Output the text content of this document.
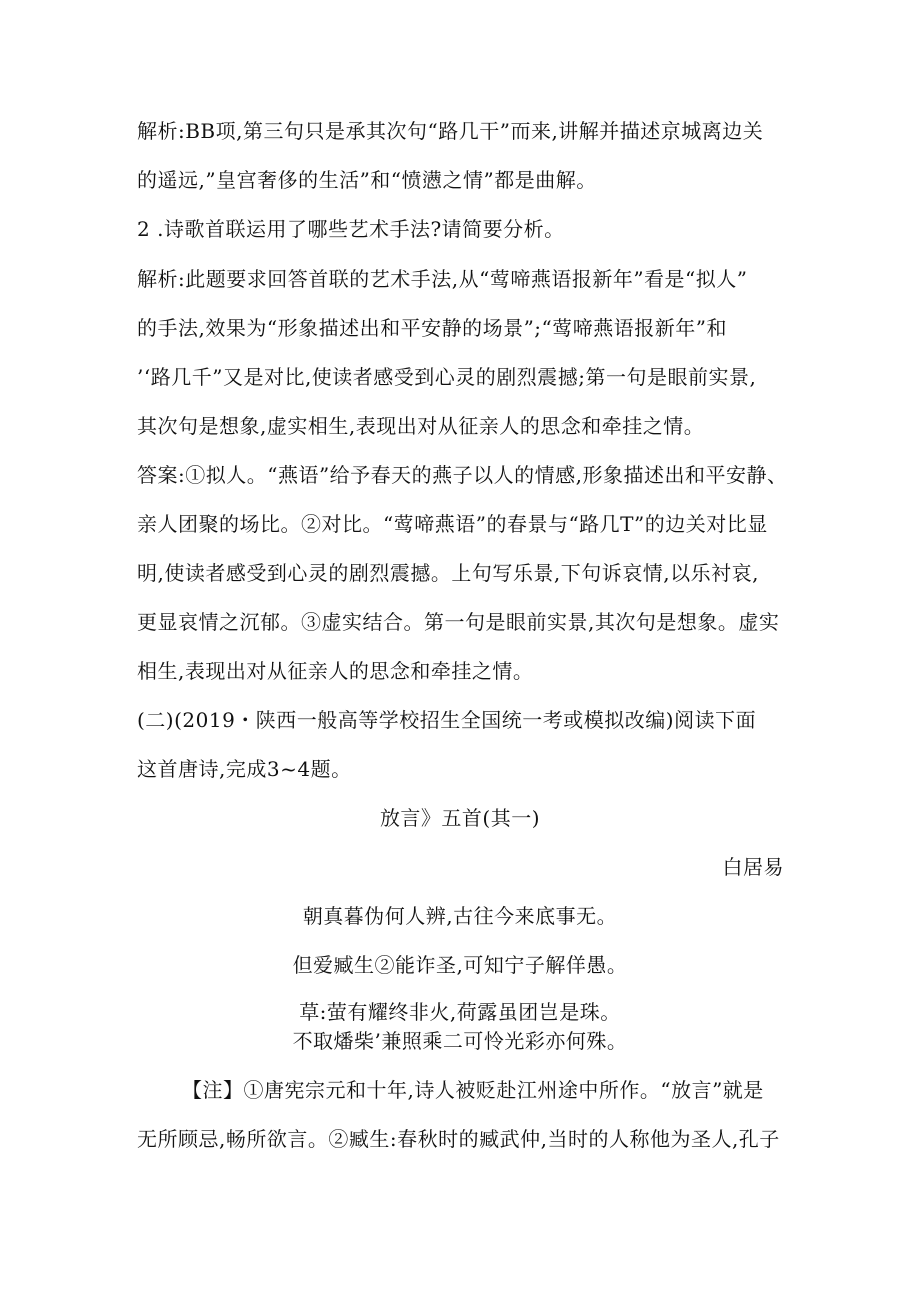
解析:BB项,第三句只是承其次句“路几干”而来,讲解并描述京城离边关
的遥远,”皇宫奢侈的生活”和“愤懑之情”都是曲解。
2 .诗歌首联运用了哪些艺术手法?请简要分析。
解析:此题要求回答首联的艺术手法,从“莺啼燕语报新年”看是“拟人”
的手法,效果为“形象描述出和平安静的场景”;“莺啼燕语报新年”和
’‘路几千”又是对比,使读者感受到心灵的剧烈震撼;第一句是眼前实景,
其次句是想象,虚实相生,表现出对从征亲人的思念和牵挂之情。
答案:①拟人。“燕语”给予春天的燕子以人的情感,形象描述出和平安静、
亲人团聚的场比。②对比。“莺啼燕语”的春景与“路几T”的边关对比显
明,使读者感受到心灵的剧烈震撼。上句写乐景,下句诉哀情,以乐衬哀,
更显哀情之沉郁。③虚实结合。第一句是眼前实景,其次句是想象。虚实
相生,表现出对从征亲人的思念和牵挂之情。
(二)(2019・陕西一般高等学校招生全国统一考或模拟改编)阅读下面
这首唐诗,完成3~4题。
放言》五首(其一)
白居易
朝真暮伪何人辨,古往今来底事无。
但爱臧生②能诈圣,可知宁子解佯愚。
草:萤有耀终非火,荷露虽团岂是珠。
不取燔柴’兼照乘二可怜光彩亦何殊。
【注】①唐宪宗元和十年,诗人被贬赴江州途中所作。“放言”就是
无所顾忌,畅所欲言。②臧生:春秋时的臧武仲,当时的人称他为圣人,孔子
